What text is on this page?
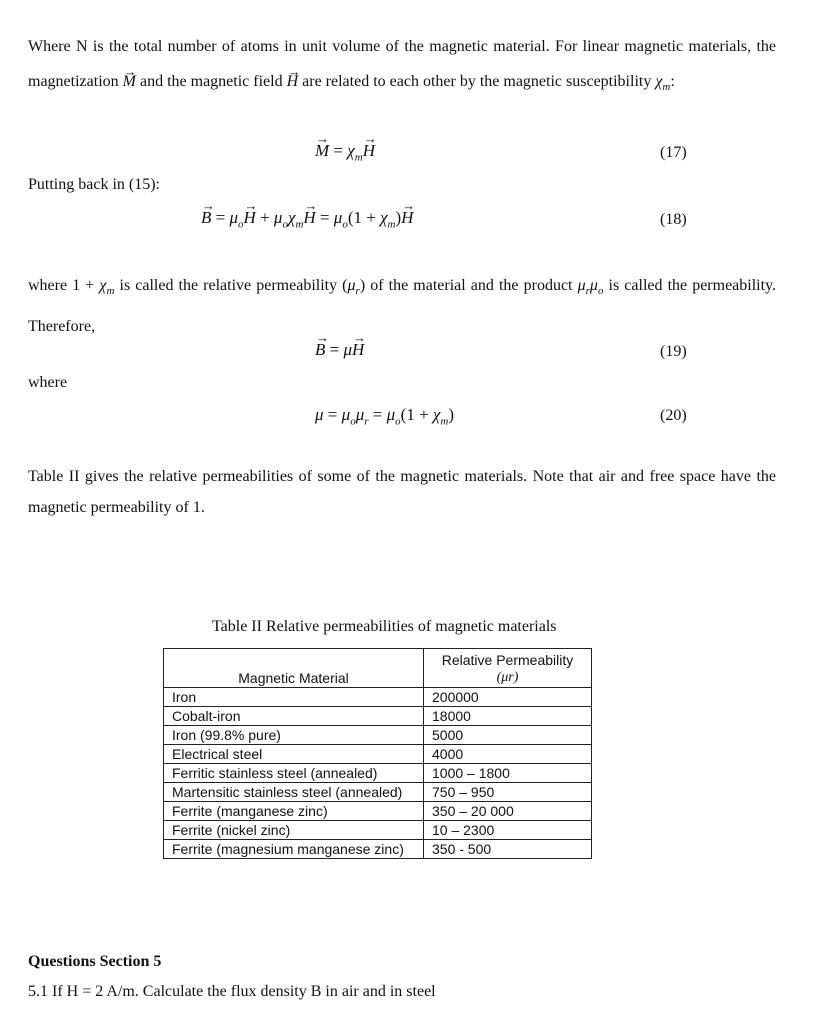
Where N is the total number of atoms in unit volume of the magnetic material. For linear magnetic materials, the magnetization → M and the magnetic field → H are related to each other by the magnetic susceptibility $\chi_m$:
→ $M = \chi_m\to H$	(17)
Putting back in (15):
→ $B = \mu_o\to H + \mu_o\chi_m\to H = \mu_o(1 + \chi_m)\to H$	(18)
where $1 + \chi_m$ is called the relative permeability $(\mu_r)$ of the material and the product $\mu_r\mu_o$ is called the permeability. Therefore,
→ B = μ→ H	(19)
where
$\mu = \mu_o\mu_r = \mu_o(1 + \chi_m)$	(20)
Table II gives the relative permeabilities of some of the magnetic materials. Note that air and free space have the magnetic permeability of 1.
Table II Relative permeabilities of magnetic materials
Magnetic Material	Relative Permeability
(μr)

Iron	200000
Cobalt-iron	18000
Iron (99.8% pure)	5000
Electrical steel	4000
Ferritic stainless steel (annealed)	1000 – 1800
Martensitic stainless steel (annealed)	750 – 950
Ferrite (manganese zinc)	350 – 20 000
Ferrite (nickel zinc)	10 – 2300
Ferrite (magnesium manganese zinc)	350 - 500
Questions Section 5
5.1 If H = 2 A/m. Calculate the flux density B in air and in steel
